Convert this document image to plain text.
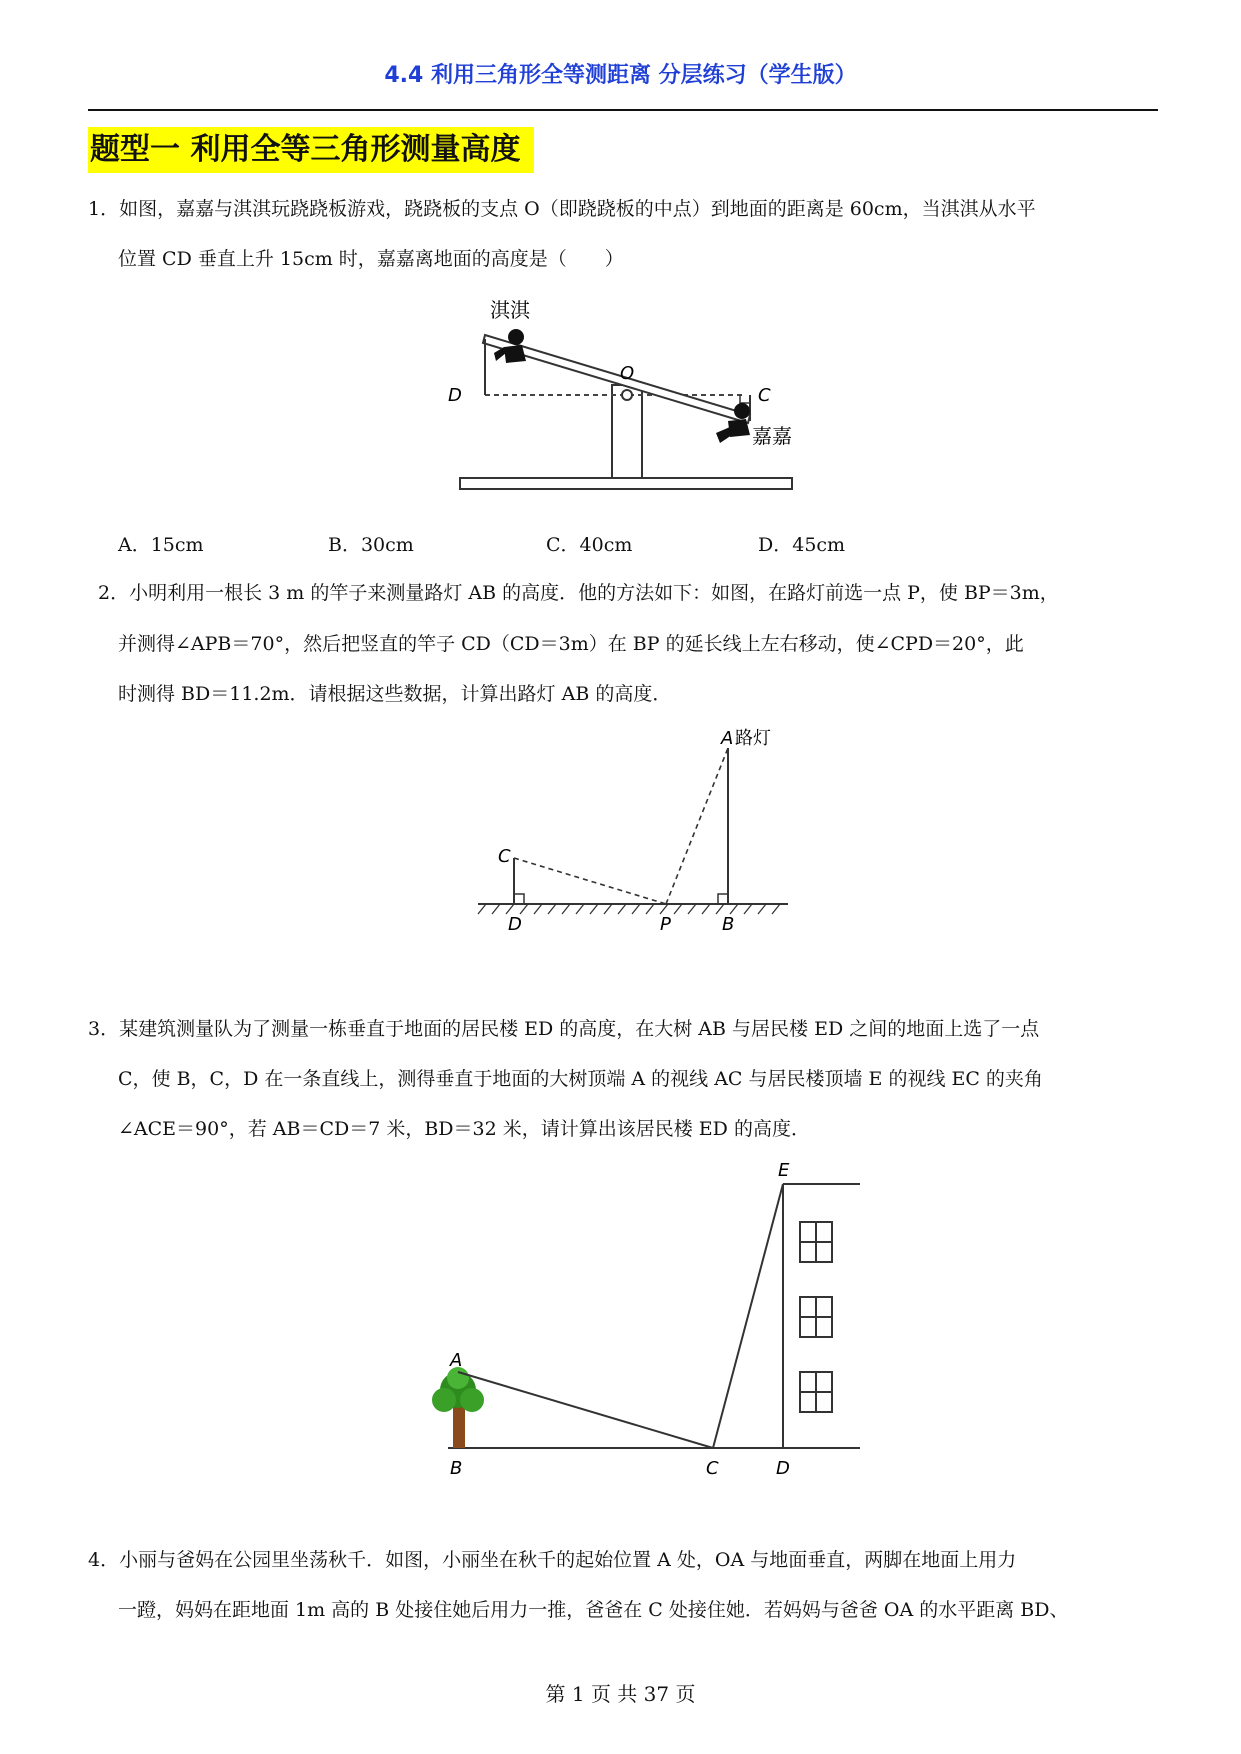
4.4 利用三角形全等测距离 分层练习（学生版）
题型一 利用全等三角形测量高度
1．如图，嘉嘉与淇淇玩跷跷板游戏，跷跷板的支点 O（即跷跷板的中点）到地面的距离是 60cm，当淇淇从水平
位置 CD 垂直上升 15cm 时，嘉嘉离地面的高度是（　　）
淇淇
O
D	C
嘉嘉
A．15cm	B．30cm	C．40cm	D．45cm
2．小明利用一根长 3 m 的竿子来测量路灯 AB 的高度．他的方法如下：如图，在路灯前选一点 P，使 BP＝3m，
并测得∠APB＝70°，然后把竖直的竿子 CD（CD＝3m）在 BP 的延长线上左右移动，使∠CPD＝20°，此
时测得 BD＝11.2m．请根据这些数据，计算出路灯 AB 的高度．
A 路灯
C
D	P	B
3．某建筑测量队为了测量一栋垂直于地面的居民楼 ED 的高度，在大树 AB 与居民楼 ED 之间的地面上选了一点
C，使 B，C，D 在一条直线上，测得垂直于地面的大树顶端 A 的视线 AC 与居民楼顶墙 E 的视线 EC 的夹角
∠ACE＝90°，若 AB＝CD＝7 米，BD＝32 米，请计算出该居民楼 ED 的高度．
E
A
B	C	D
4．小丽与爸妈在公园里坐荡秋千．如图，小丽坐在秋千的起始位置 A 处，OA 与地面垂直，两脚在地面上用力
一蹬，妈妈在距地面 1m 高的 B 处接住她后用力一推，爸爸在 C 处接住她．若妈妈与爸爸 OA 的水平距离 BD、
第 1 页 共 37 页
